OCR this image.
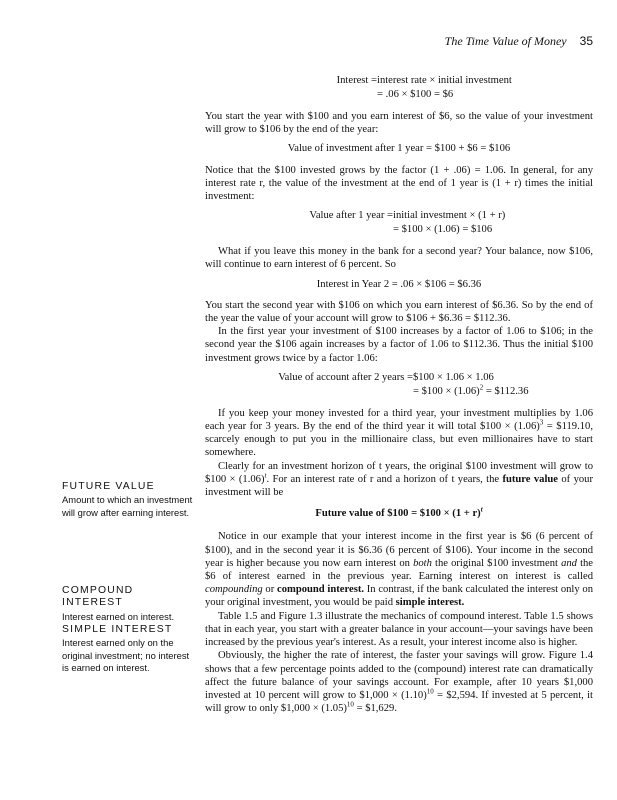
The Time Value of Money 35
FUTURE VALUE
Amount to which an investment will grow after earning interest.
COMPOUND INTEREST
Interest earned on interest.
SIMPLE INTEREST
Interest earned only on the original investment; no interest is earned on interest.
Interest = interest rate × initial investment
= .06 × $100 = $6

You start the year with $100 and you earn interest of $6, so the value of your investment will grow to $106 by the end of the year:

Value of investment after 1 year = $100 + $6 = $106

Notice that the $100 invested grows by the factor (1 + .06) = 1.06. In general, for any interest rate r, the value of the investment at the end of 1 year is (1 + r) times the initial investment:

Value after 1 year = initial investment × (1 + r)
= $100 × (1.06) = $106

What if you leave this money in the bank for a second year? Your balance, now $106, will continue to earn interest of 6 percent. So

Interest in Year 2 = .06 × $106 = $6.36

You start the second year with $106 on which you earn interest of $6.36. So by the end of the year the value of your account will grow to $106 + $6.36 = $112.36.

In the first year your investment of $100 increases by a factor of 1.06 to $106; in the second year the $106 again increases by a factor of 1.06 to $112.36. Thus the initial $100 investment grows twice by a factor 1.06:

Value of account after 2 years = $100 × 1.06 × 1.06
= $100 × $(1.06)^2$ = $112.36

If you keep your money invested for a third year, your investment multiplies by 1.06 each year for 3 years. By the end of the third year it will total $100 × $(1.06)^3$ = $119.10, scarcely enough to put you in the millionaire class, but even millionaires have to start somewhere.

Clearly for an investment horizon of t years, the original $100 investment will grow to $100 × $(1.06)^t$. For an interest rate of r and a horizon of t years, the future value of your investment will be

Future value of $100 = $100 × $(1 + r)^t$

Notice in our example that your interest income in the first year is $6 (6 percent of $100), and in the second year it is $6.36 (6 percent of $106). Your income in the second year is higher because you now earn interest on both the original $100 investment and the $6 of interest earned in the previous year. Earning interest on interest is called compounding or compound interest. In contrast, if the bank calculated the interest only on your original investment, you would be paid simple interest.

Table 1.5 and Figure 1.3 illustrate the mechanics of compound interest. Table 1.5 shows that in each year, you start with a greater balance in your account—your savings have been increased by the previous year's interest. As a result, your interest income also is higher.

Obviously, the higher the rate of interest, the faster your savings will grow. Figure 1.4 shows that a few percentage points added to the (compound) interest rate can dramatically affect the future balance of your savings account. For example, after 10 years $1,000 invested at 10 percent will grow to $1,000 × $(1.10)^{10}$ = $2,594. If invested at 5 percent, it will grow to only $1,000 × $(1.05)^{10}$ = $1,629.
